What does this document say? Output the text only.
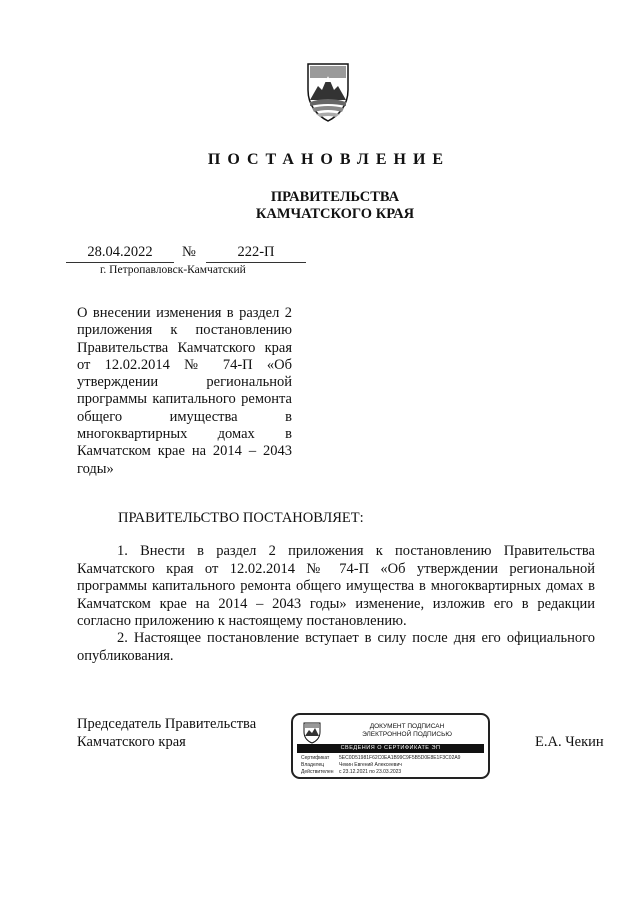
ПОСТАНОВЛЕНИЕ
ПРАВИТЕЛЬСТВА
КАМЧАТСКОГО КРАЯ
28.04.2022	№	222-П
г. Петропавловск-Камчатский
О внесении изменения в раздел 2 приложения к постановлению Правительства Камчатского края от 12.02.2014 № 74-П «Об утверждении региональной программы капитального ремонта общего имущества в многоквартирных домах в Камчатском крае на 2014 – 2043 годы»
ПРАВИТЕЛЬСТВО ПОСТАНОВЛЯЕТ:
1. Внести в раздел 2 приложения к постановлению Правительства Камчатского края от 12.02.2014 № 74-П «Об утверждении региональной программы капитального ремонта общего имущества в многоквартирных домах в Камчатском крае на 2014 – 2043 годы» изменение, изложив его в редакции согласно приложению к настоящему постановлению.
2. Настоящее постановление вступает в силу после дня его официального опубликования.
Председатель Правительства
Камчатского края	Е.А. Чекин
ДОКУМЕНТ ПОДПИСАН
ЭЛЕКТРОННОЙ ПОДПИСЬЮ
СВЕДЕНИЯ О СЕРТИФИКАТЕ ЭП
Сертификат 5EC0D51981F62C0EA1B99C9F5B5D0E8E1F3C02A9
Владелец	Чекин Евгений Алексеевич
Действителен с 23.12.2021 по 23.03.2023
